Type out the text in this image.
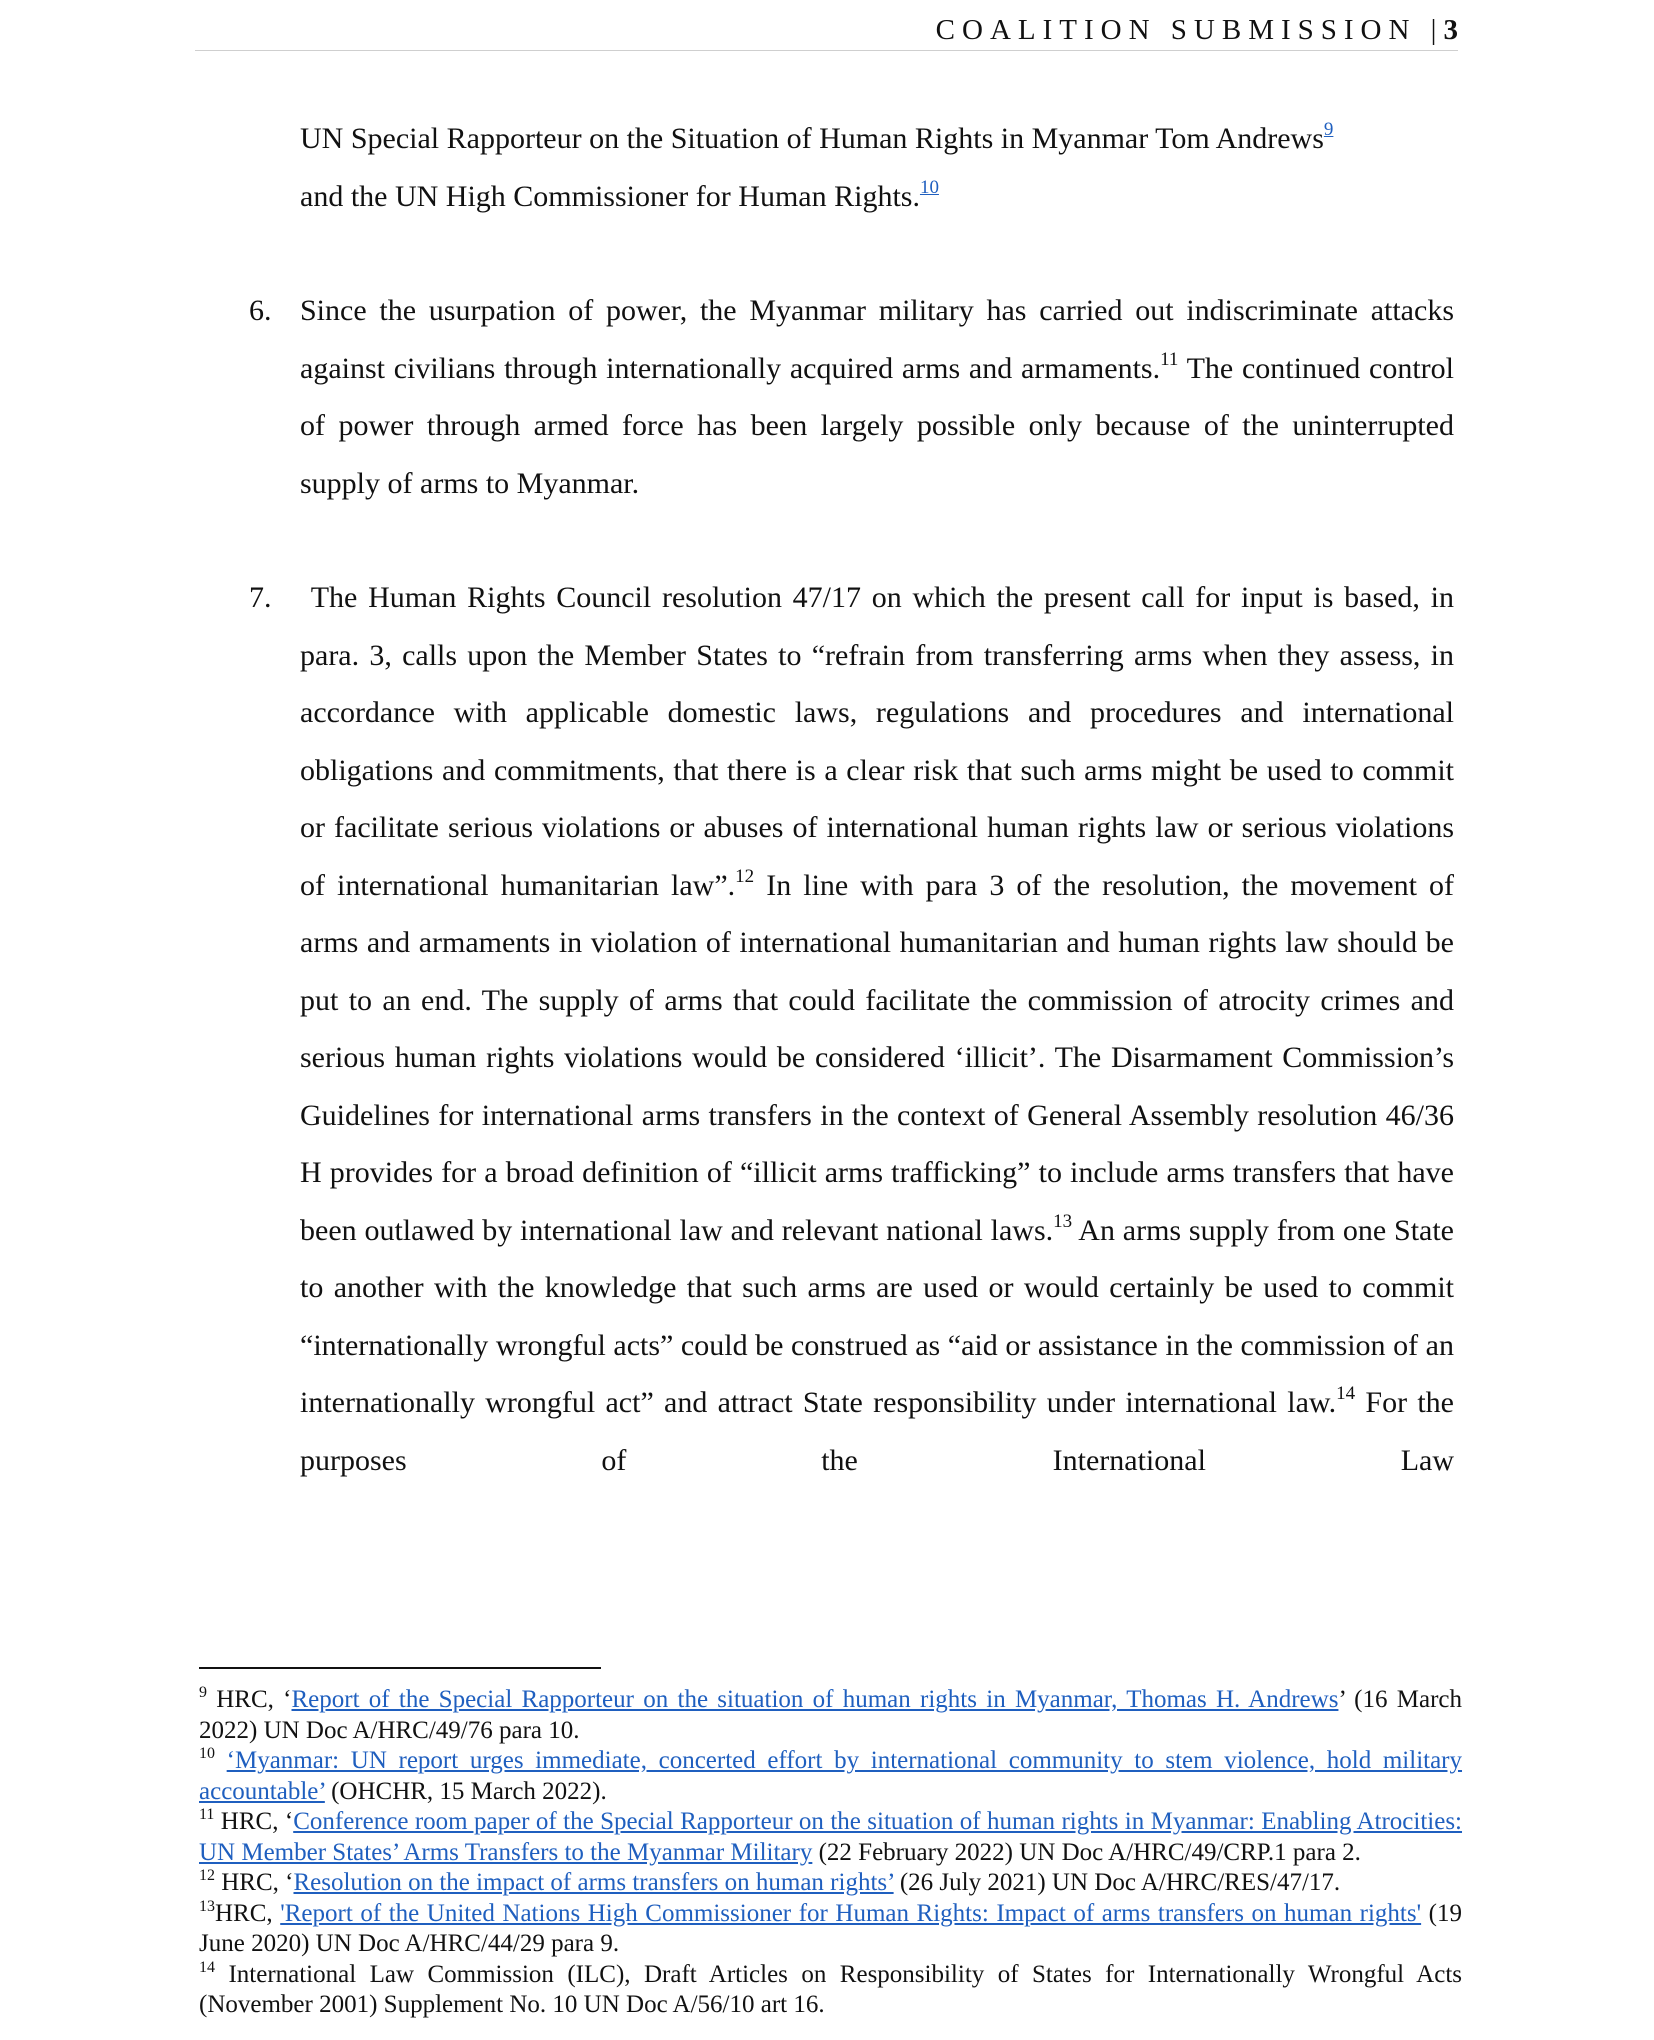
COALITION SUBMISSION |3

UN Special Rapporteur on the Situation of Human Rights in Myanmar Tom Andrews$^9$
and the UN High Commissioner for Human Rights.$^{10}$

6. Since the usurpation of power, the Myanmar military has carried out indiscriminate attacks against civilians through internationally acquired arms and armaments.$^{11}$ The continued control of power through armed force has been largely possible only because of the uninterrupted supply of arms to Myanmar.

7. The Human Rights Council resolution 47/17 on which the present call for input is based, in para. 3, calls upon the Member States to “refrain from transferring arms when they assess, in accordance with applicable domestic laws, regulations and procedures and international obligations and commitments, that there is a clear risk that such arms might be used to commit or facilitate serious violations or abuses of international human rights law or serious violations of international humanitarian law”.$^{12}$ In line with para 3 of the resolution, the movement of arms and armaments in violation of international humanitarian and human rights law should be put to an end. The supply of arms that could facilitate the commission of atrocity crimes and serious human rights violations would be considered ‘illicit’. The Disarmament Commission’s Guidelines for international arms transfers in the context of General Assembly resolution 46/36 H provides for a broad definition of “illicit arms trafficking” to include arms transfers that have been outlawed by international law and relevant national laws.$^{13}$ An arms supply from one State to another with the knowledge that such arms are used or would certainly be used to commit “internationally wrongful acts” could be construed as “aid or assistance in the commission of an internationally wrongful act” and attract State responsibility under international law.$^{14}$ For the purposes of the International Law

$^9$ HRC, ‘Report of the Special Rapporteur on the situation of human rights in Myanmar, Thomas H. Andrews’ (16 March 2022) UN Doc A/HRC/49/76 para 10.

$^{10}$ ‘Myanmar: UN report urges immediate, concerted effort by international community to stem violence, hold military accountable’ (OHCHR, 15 March 2022).

$^{11}$ HRC, ‘Conference room paper of the Special Rapporteur on the situation of human rights in Myanmar: Enabling Atrocities: UN Member States’ Arms Transfers to the Myanmar Military (22 February 2022) UN Doc A/HRC/49/CRP.1 para 2.

$^{12}$ HRC, ‘Resolution on the impact of arms transfers on human rights’ (26 July 2021) UN Doc A/HRC/RES/47/17.

$^{13}$HRC, 'Report of the United Nations High Commissioner for Human Rights: Impact of arms transfers on human rights' (19 June 2020) UN Doc A/HRC/44/29 para 9.

$^{14}$ International Law Commission (ILC), Draft Articles on Responsibility of States for Internationally Wrongful Acts (November 2001) Supplement No. 10 UN Doc A/56/10 art 16.
